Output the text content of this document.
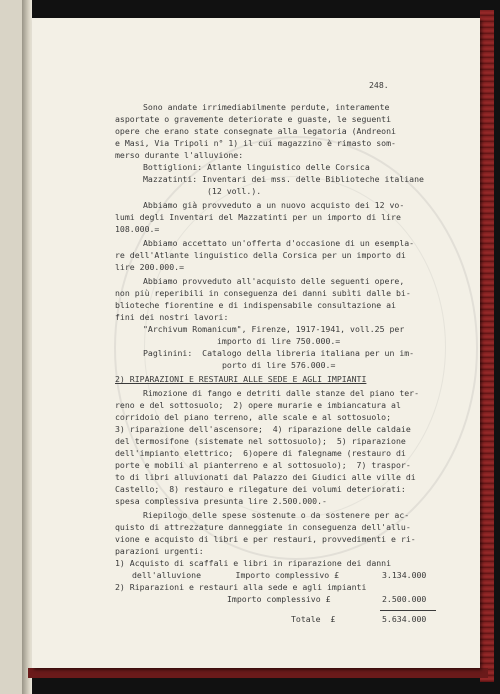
248.
Sono andate irrimediabilmente perdute, interamente
asportate o gravemente deteriorate e guaste, le seguenti
opere che erano state consegnate alla legatoria (Andreoni
e Masi, Via Tripoli n° 1) il cui magazzino è rimasto som-
merso durante l'alluvione:
Bottiglioni: Atlante linguistico delle Corsica
Mazzatinti: Inventari dei mss. delle Biblioteche italiane
(12 voll.).
Abbiamo già provveduto a un nuovo acquisto dei 12 vo-
lumi degli Inventari del Mazzatinti per un importo di lire
108.000.=
Abbiamo accettato un'offerta d'occasione di un esempla-
re dell'Atlante linguistico della Corsica per un importo di
lire 200.000.=
Abbiamo provveduto all'acquisto delle seguenti opere,
non più reperibili in conseguenza dei danni subìti dalle bi-
blioteche fiorentine e di indispensabile consultazione ai
fini dei nostri lavori:
"Archivum Romanicum", Firenze, 1917-1941, voll.25 per
importo di lire 750.000.=
Paglinini:  Catalogo della libreria italiana per un im-
porto di lire 576.000.=
2) RIPARAZIONI E RESTAURI ALLE SEDE E AGLI IMPIANTI
Rimozione di fango e detriti dalle stanze del piano ter-
reno e del sottosuolo;  2) opere murarie e imbiancatura al
corridoio del piano terreno, alle scale e al sottosuolo;
3) riparazione dell'ascensore;  4) riparazione delle caldaie
del termosifone (sistemate nel sottosuolo);  5) riparazione
dell'impianto elettrico;  6)opere di falegname (restauro di
porte e mobili al pianterreno e al sottosuolo);  7) traspor-
to di libri alluvionati dal Palazzo dei Giudici alle ville di
Castello;  8) restauro e rilegature dei volumi deteriorati:
spesa complessiva presunta lire 2.500.000.-
Riepilogo delle spese sostenute o da sostenere per ac-
quisto di attrezzature danneggiate in conseguenza dell'allu-
vione e acquisto di libri e per restauri, provvedimenti e ri-
parazioni urgenti:
1) Acquisto di scaffali e libri in riparazione dei danni
dell'alluvione       Importo complessivo £	3.134.000
2) Riparazioni e restauri alla sede e agli impianti
Importo complessivo £	2.500.000
Totale  £	5.634.000
